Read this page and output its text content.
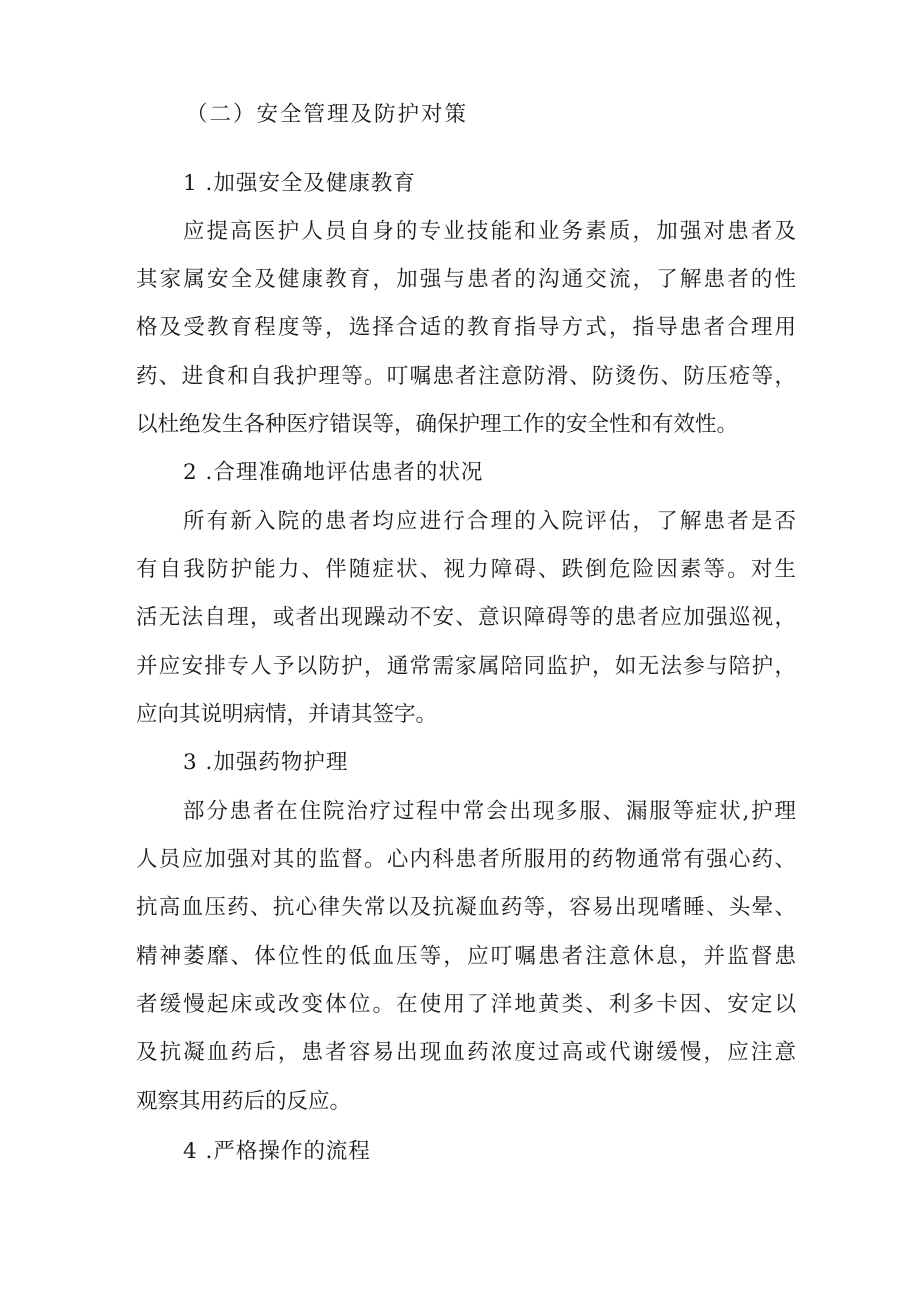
（二）安全管理及防护对策
1 .加强安全及健康教育
应提高医护人员自身的专业技能和业务素质，加强对患者及
其家属安全及健康教育，加强与患者的沟通交流，了解患者的性
格及受教育程度等，选择合适的教育指导方式，指导患者合理用
药、进食和自我护理等。叮嘱患者注意防滑、防烫伤、防压疮等，
以杜绝发生各种医疗错误等，确保护理工作的安全性和有效性。
2 .合理准确地评估患者的状况
所有新入院的患者均应进行合理的入院评估，了解患者是否
有自我防护能力、伴随症状、视力障碍、跌倒危险因素等。对生
活无法自理，或者出现躁动不安、意识障碍等的患者应加强巡视，
并应安排专人予以防护，通常需家属陪同监护，如无法参与陪护，
应向其说明病情，并请其签字。
3 .加强药物护理
部分患者在住院治疗过程中常会出现多服、漏服等症状,护理
人员应加强对其的监督。心内科患者所服用的药物通常有强心药、
抗高血压药、抗心律失常以及抗凝血药等，容易出现嗜睡、头晕、
精神萎靡、体位性的低血压等，应叮嘱患者注意休息，并监督患
者缓慢起床或改变体位。在使用了洋地黄类、利多卡因、安定以
及抗凝血药后，患者容易出现血药浓度过高或代谢缓慢，应注意
观察其用药后的反应。
4 .严格操作的流程
